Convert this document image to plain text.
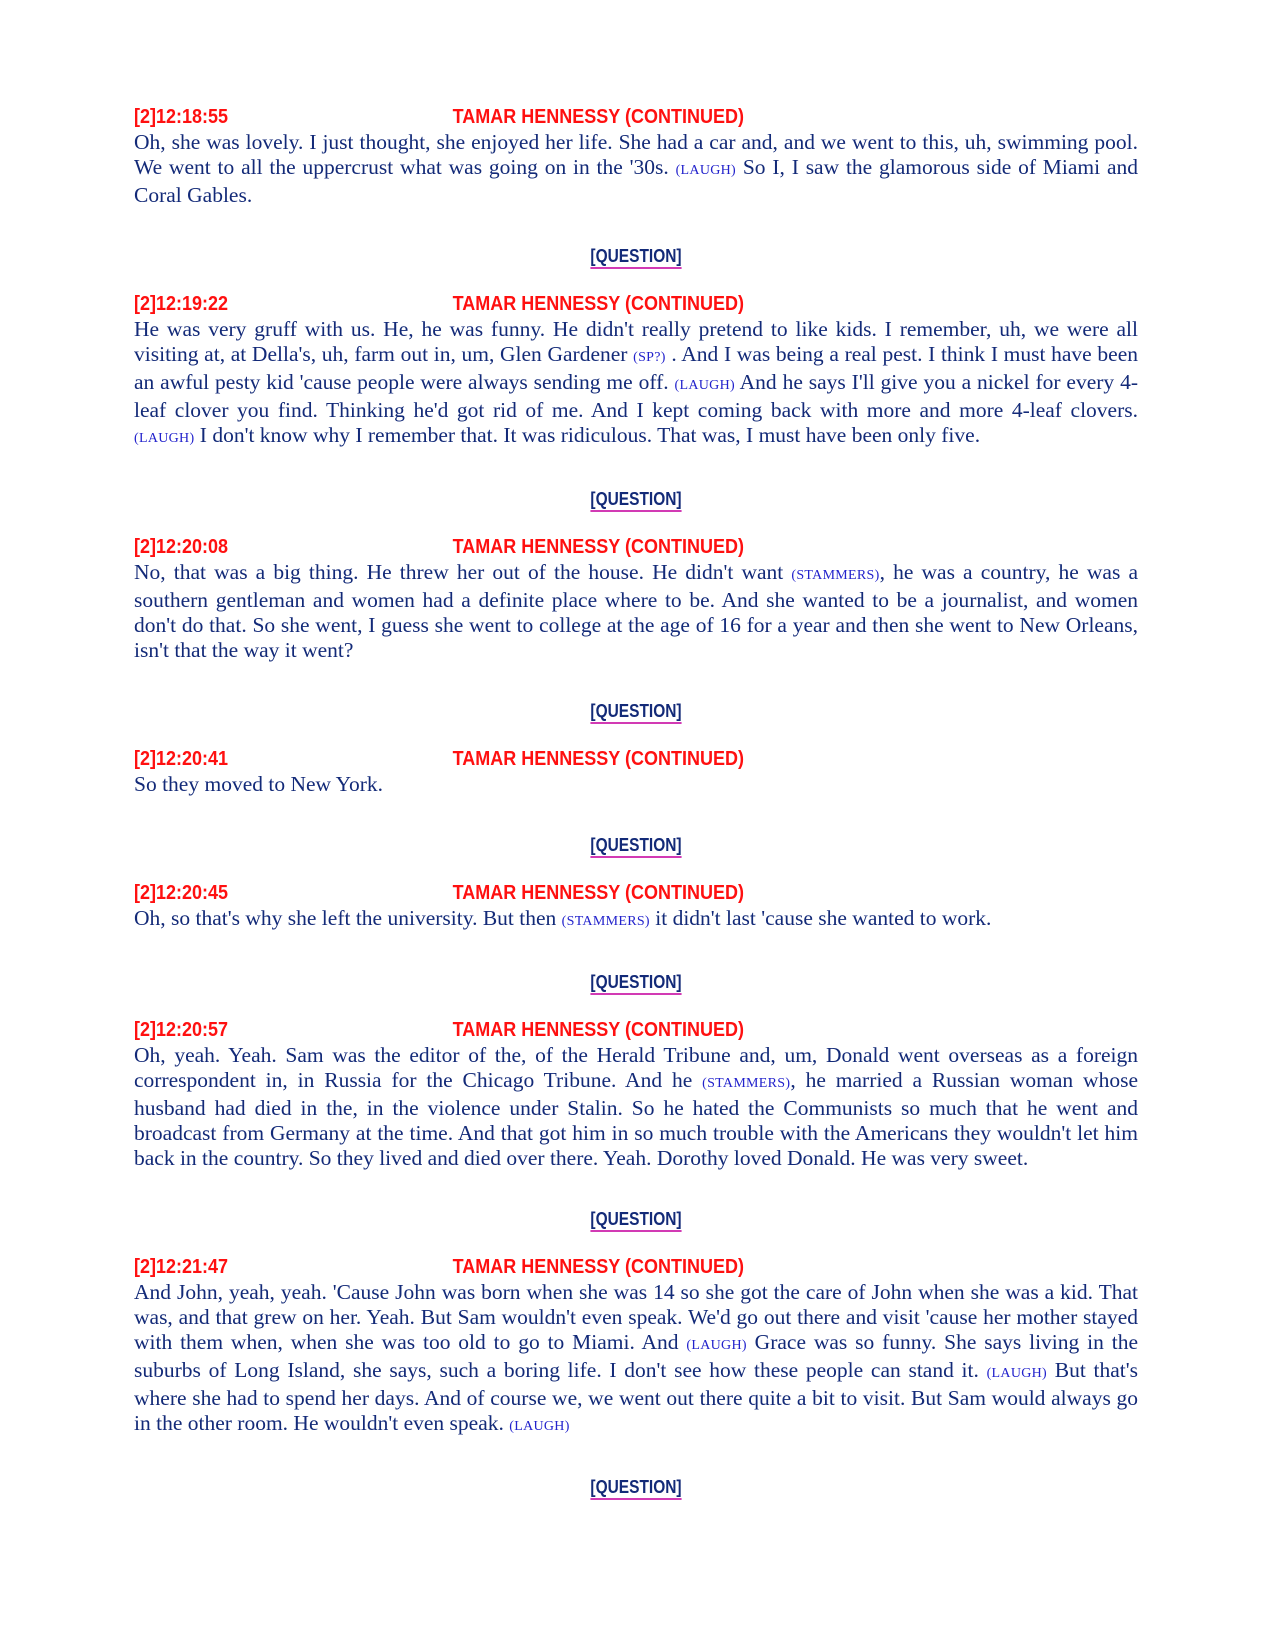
[2]12:18:55	TAMAR HENNESSY (CONTINUED)

Oh, she was lovely. I just thought, she enjoyed her life. She had a car and, and we went to this, uh, swimming pool. We went to all the uppercrust what was going on in the '30s. (LAUGH) So I, I saw the glamorous side of Miami and Coral Gables.

[QUESTION]

[2]12:19:22	TAMAR HENNESSY (CONTINUED)

He was very gruff with us. He, he was funny. He didn't really pretend to like kids. I remember, uh, we were all visiting at, at Della's, uh, farm out in, um, Glen Gardener (SP?) . And I was being a real pest. I think I must have been an awful pesty kid 'cause people were always sending me off. (LAUGH) And he says I'll give you a nickel for every 4-leaf clover you find. Thinking he'd got rid of me. And I kept coming back with more and more 4-leaf clovers. (LAUGH) I don't know why I remember that. It was ridiculous. That was, I must have been only five.

[QUESTION]

[2]12:20:08	TAMAR HENNESSY (CONTINUED)

No, that was a big thing. He threw her out of the house. He didn't want (STAMMERS), he was a country, he was a southern gentleman and women had a definite place where to be. And she wanted to be a journalist, and women don't do that. So she went, I guess she went to college at the age of 16 for a year and then she went to New Orleans, isn't that the way it went?

[QUESTION]

[2]12:20:41	TAMAR HENNESSY (CONTINUED)

So they moved to New York.

[QUESTION]

[2]12:20:45	TAMAR HENNESSY (CONTINUED)

Oh, so that's why she left the university. But then (STAMMERS) it didn't last 'cause she wanted to work.

[QUESTION]

[2]12:20:57	TAMAR HENNESSY (CONTINUED)

Oh, yeah. Yeah. Sam was the editor of the, of the Herald Tribune and, um, Donald went overseas as a foreign correspondent in, in Russia for the Chicago Tribune. And he (STAMMERS), he married a Russian woman whose husband had died in the, in the violence under Stalin. So he hated the Communists so much that he went and broadcast from Germany at the time. And that got him in so much trouble with the Americans they wouldn't let him back in the country. So they lived and died over there. Yeah. Dorothy loved Donald. He was very sweet.

[QUESTION]

[2]12:21:47	TAMAR HENNESSY (CONTINUED)

And John, yeah, yeah. 'Cause John was born when she was 14 so she got the care of John when she was a kid. That was, and that grew on her. Yeah. But Sam wouldn't even speak. We'd go out there and visit 'cause her mother stayed with them when, when she was too old to go to Miami. And (LAUGH) Grace was so funny. She says living in the suburbs of Long Island, she says, such a boring life. I don't see how these people can stand it. (LAUGH) But that's where she had to spend her days. And of course we, we went out there quite a bit to visit. But Sam would always go in the other room. He wouldn't even speak. (LAUGH)

[QUESTION]
